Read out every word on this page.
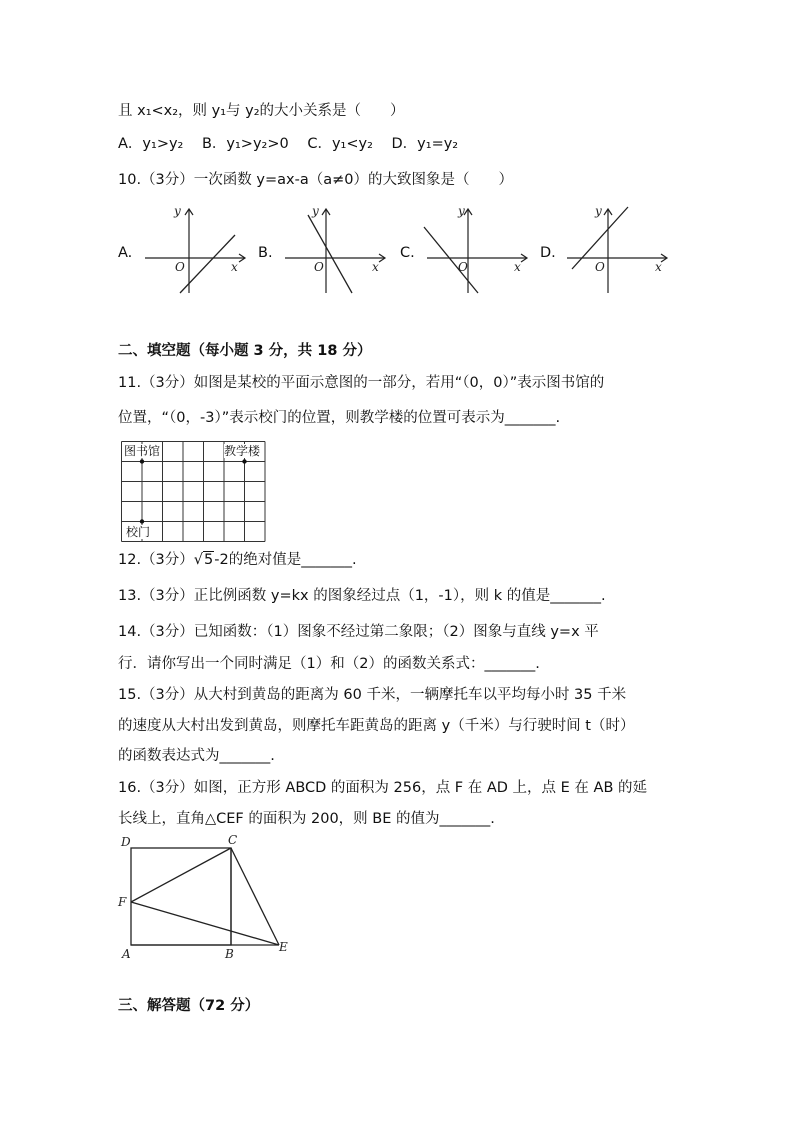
且 x₁<x₂，则 y₁与 y₂的大小关系是（　　）
A．y₁>y₂ B．y₁>y₂>0 C．y₁<y₂ D．y₁=y₂
10.（3分）一次函数 y=ax-a（a≠0）的大致图象是（　　）
A.	B.	C.	D.
y
x
O
y
x
O
y
x
O
y
x
O
二、填空题（每小题 3 分，共 18 分）
11.（3分）如图是某校的平面示意图的一部分，若用“（0，0）”表示图书馆的
位置，“（0，-3）”表示校门的位置，则教学楼的位置可表示为_______.
图书馆	教学楼
校门
12.（3分）√5-2的绝对值是_______.
13.（3分）正比例函数 y=kx 的图象经过点（1，-1），则 k 的值是_______.
14.（3分）已知函数：（1）图象不经过第二象限；（2）图象与直线 y=x 平
行．请你写出一个同时满足（1）和（2）的函数关系式：_______.
15.（3分）从大村到黄岛的距离为 60 千米，一辆摩托车以平均每小时 35 千米
的速度从大村出发到黄岛，则摩托车距黄岛的距离 y（千米）与行驶时间 t（时）
的函数表达式为_______.
16.（3分）如图，正方形 ABCD 的面积为 256，点 F 在 AD 上，点 E 在 AB 的延
长线上，直角△CEF 的面积为 200，则 BE 的值为_______.
D	C
F
A	B	E
三、解答题（72 分）
